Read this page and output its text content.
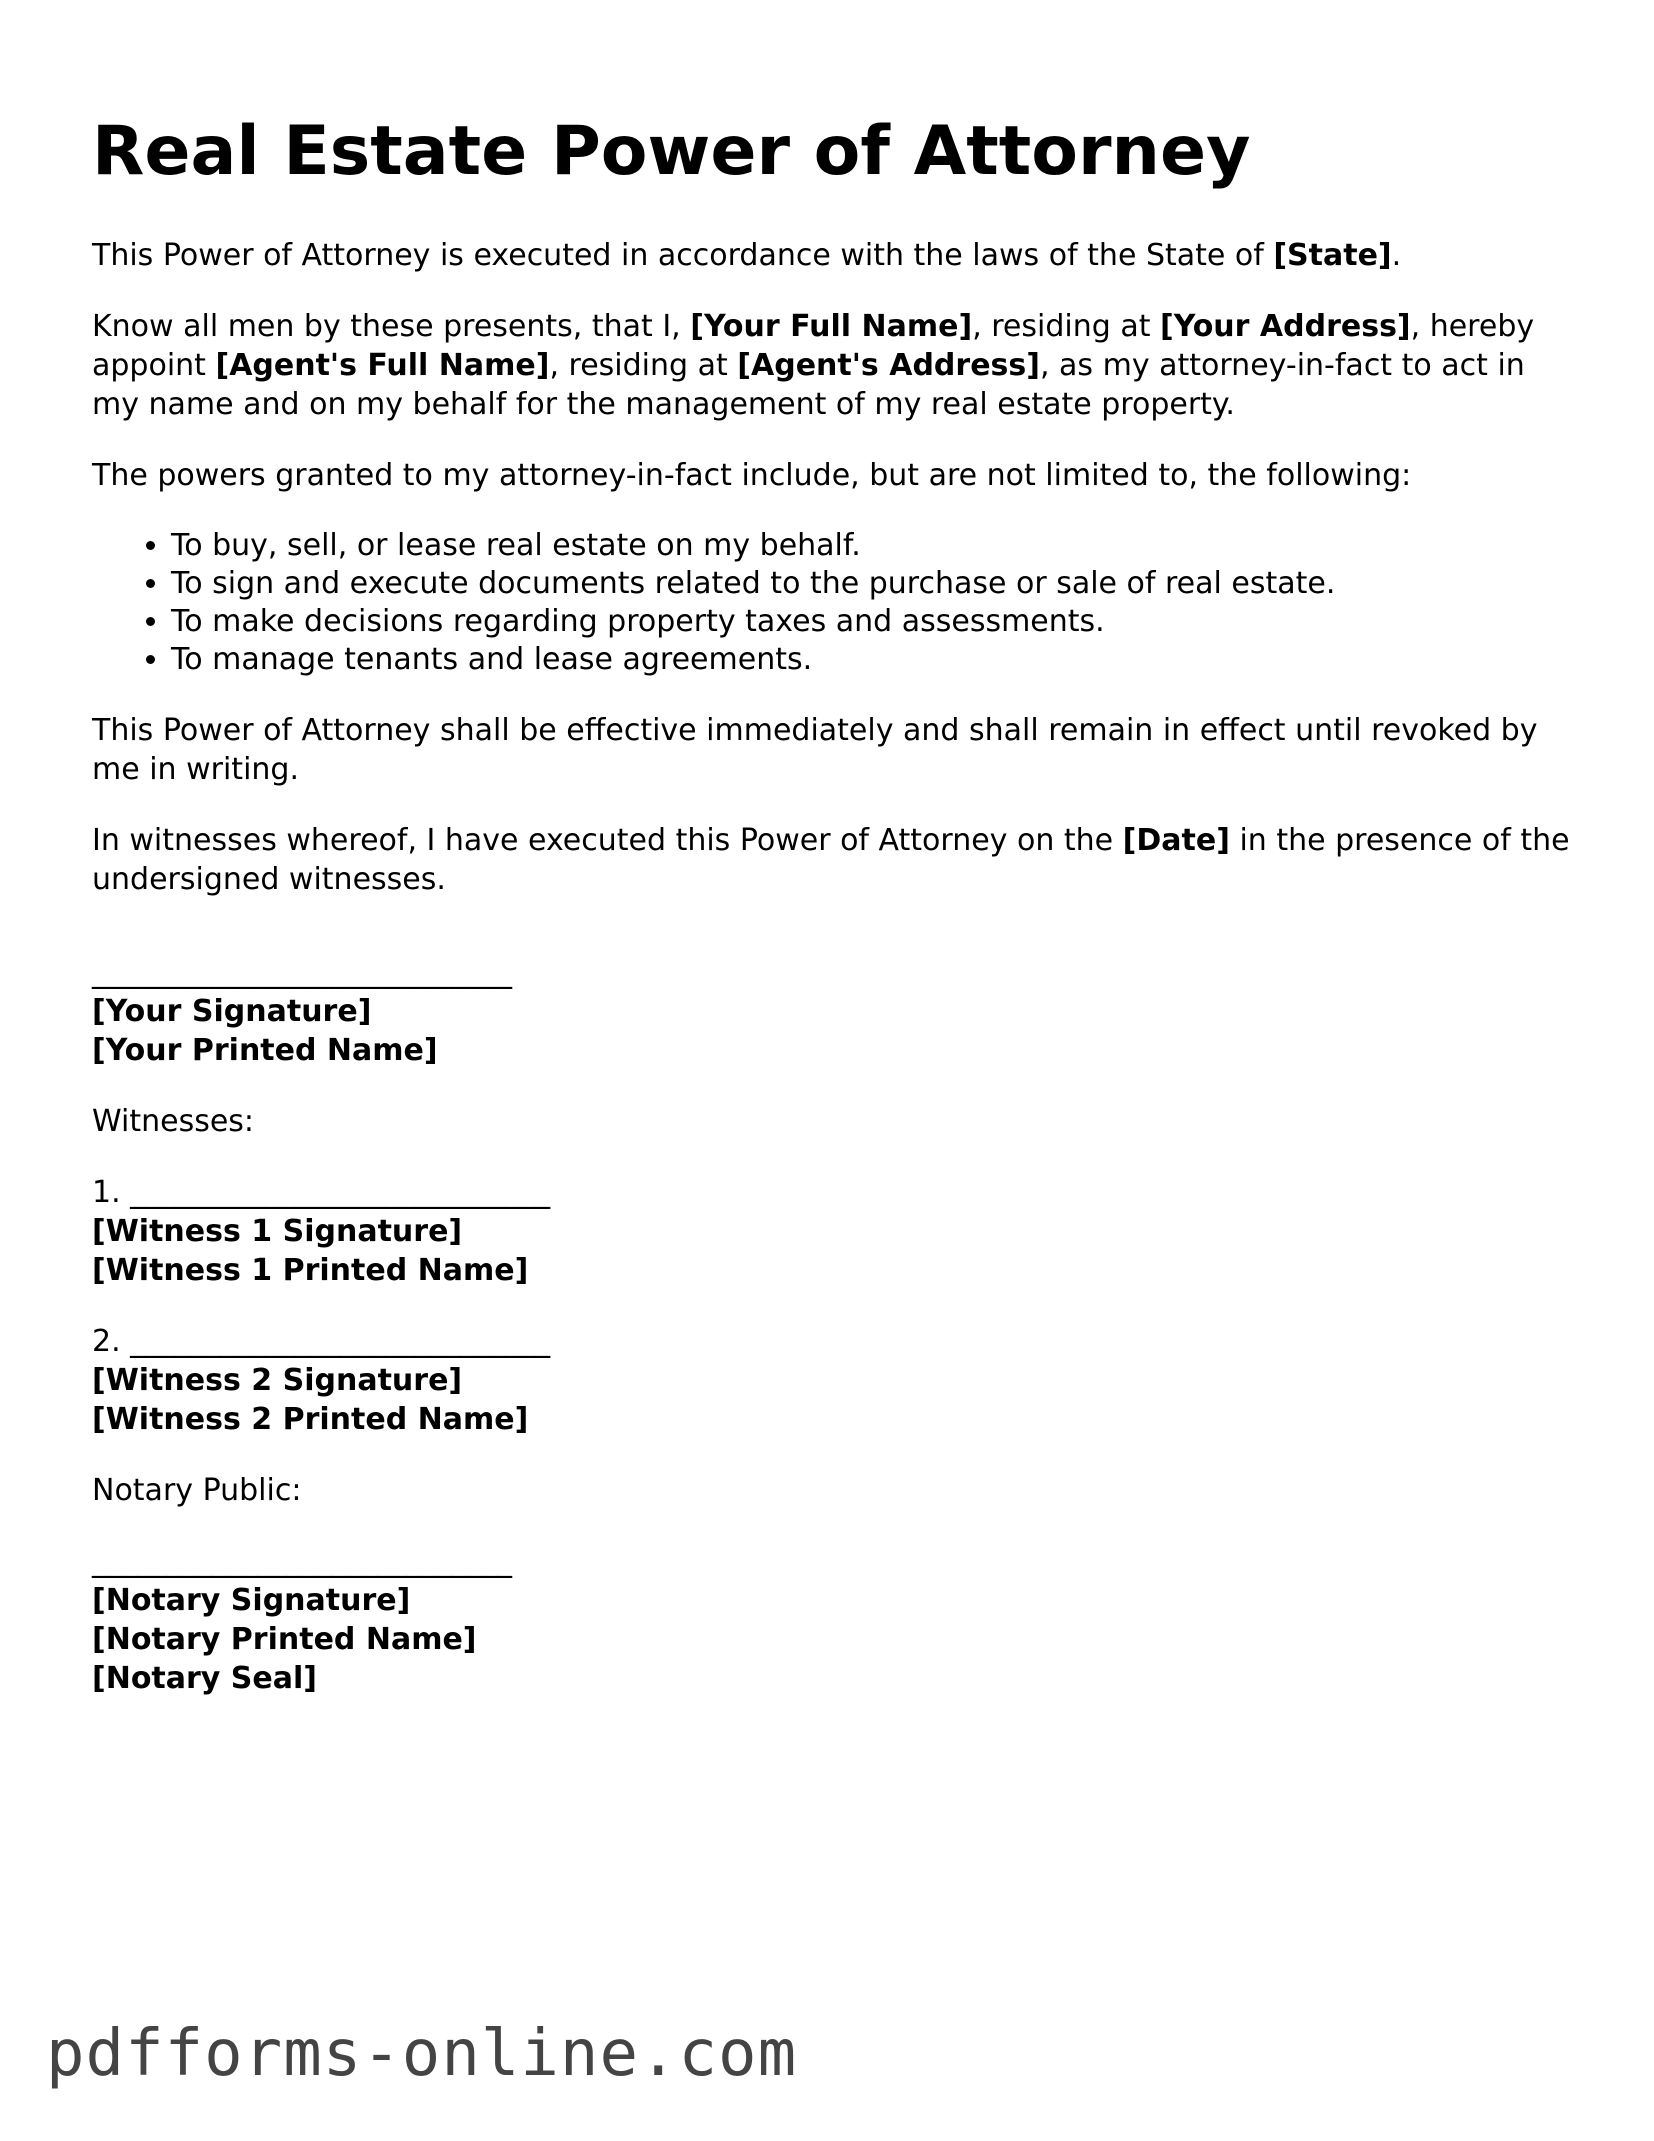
Real Estate Power of Attorney

This Power of Attorney is executed in accordance with the laws of the State of [State].

Know all men by these presents, that I, [Your Full Name], residing at [Your Address], hereby appoint [Agent's Full Name], residing at [Agent's Address], as my attorney-in-fact to act in my name and on my behalf for the management of my real estate property.

The powers granted to my attorney-in-fact include, but are not limited to, the following:

• To buy, sell, or lease real estate on my behalf.
• To sign and execute documents related to the purchase or sale of real estate.
• To make decisions regarding property taxes and assessments.
• To manage tenants and lease agreements.

This Power of Attorney shall be effective immediately and shall remain in effect until revoked by me in writing.

In witnesses whereof, I have executed this Power of Attorney on the [Date] in the presence of the undersigned witnesses.

____________________________
[Your Signature]
[Your Printed Name]

Witnesses:

1. ____________________________
[Witness 1 Signature]
[Witness 1 Printed Name]
2. ____________________________
[Witness 2 Signature]
[Witness 2 Printed Name]

Notary Public:

____________________________
[Notary Signature]
[Notary Printed Name]
[Notary Seal]
pdfforms-online.com
